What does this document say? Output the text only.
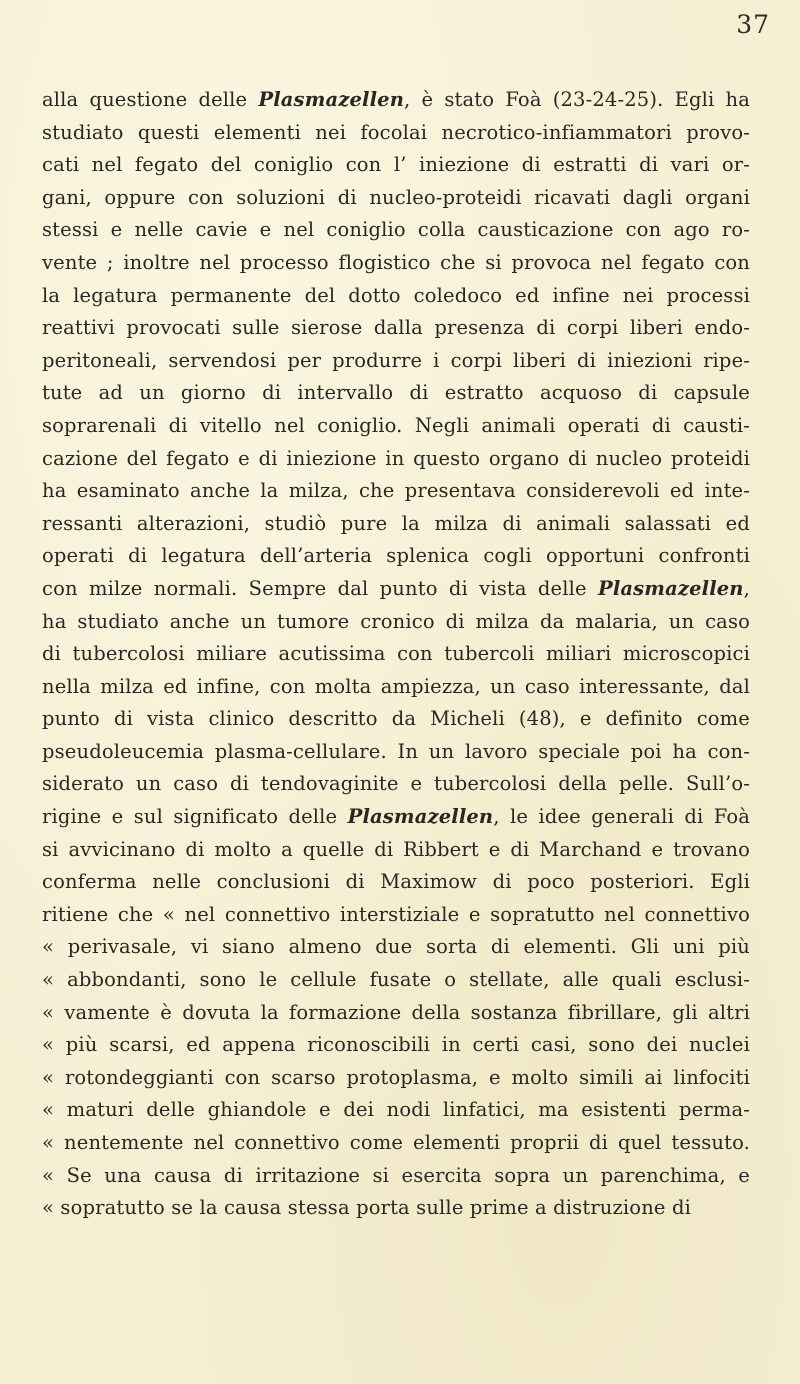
37
alla questione delle Plasmazellen, è stato Foà (23-24-25). Egli ha
studiato questi elementi nei focolai necrotico-infiammatori provo-
cati nel fegato del coniglio con l’ iniezione di estratti di vari or-
gani, oppure con soluzioni di nucleo-proteidi ricavati dagli organi
stessi e nelle cavie e nel coniglio colla causticazione con ago ro-
vente ; inoltre nel processo flogistico che si provoca nel fegato con
la legatura permanente del dotto coledoco ed infine nei processi
reattivi provocati sulle sierose dalla presenza di corpi liberi endo-
peritoneali, servendosi per produrre i corpi liberi di iniezioni ripe-
tute ad un giorno di intervallo di estratto acquoso di capsule
soprarenali di vitello nel coniglio. Negli animali operati di causti-
cazione del fegato e di iniezione in questo organo di nucleo proteidi
ha esaminato anche la milza, che presentava considerevoli ed inte-
ressanti alterazioni, studiò pure la milza di animali salassati ed
operati di legatura dell’arteria splenica cogli opportuni confronti
con milze normali. Sempre dal punto di vista delle Plasmazellen,
ha studiato anche un tumore cronico di milza da malaria, un caso
di tubercolosi miliare acutissima con tubercoli miliari microscopici
nella milza ed infine, con molta ampiezza, un caso interessante, dal
punto di vista clinico descritto da Micheli (48), e definito come
pseudoleucemia plasma-cellulare. In un lavoro speciale poi ha con-
siderato un caso di tendovaginite e tubercolosi della pelle. Sull’o-
rigine e sul significato delle Plasmazellen, le idee generali di Foà
si avvicinano di molto a quelle di Ribbert e di Marchand e trovano
conferma nelle conclusioni di Maximow di poco posteriori. Egli
ritiene che « nel connettivo interstiziale e sopratutto nel connettivo
« perivasale, vi siano almeno due sorta di elementi. Gli uni più
« abbondanti, sono le cellule fusate o stellate, alle quali esclusi-
« vamente è dovuta la formazione della sostanza fibrillare, gli altri
« più scarsi, ed appena riconoscibili in certi casi, sono dei nuclei
« rotondeggianti con scarso protoplasma, e molto simili ai linfociti
« maturi delle ghiandole e dei nodi linfatici, ma esistenti perma-
« nentemente nel connettivo come elementi proprii di quel tessuto.
« Se una causa di irritazione si esercita sopra un parenchima, e
« sopratutto se la causa stessa porta sulle prime a distruzione di
